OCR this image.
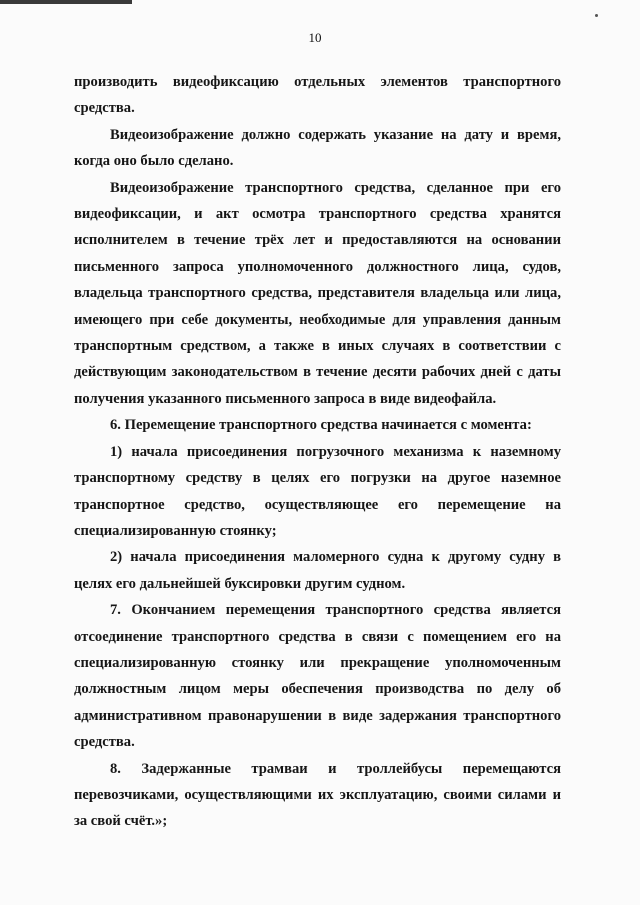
10

производить видеофиксацию отдельных элементов транспортного средства.

Видеоизображение должно содержать указание на дату и время, когда оно было сделано.

Видеоизображение транспортного средства, сделанное при его видеофиксации, и акт осмотра транспортного средства хранятся исполнителем в течение трёх лет и предоставляются на основании письменного запроса уполномоченного должностного лица, судов, владельца транспортного средства, представителя владельца или лица, имеющего при себе документы, необходимые для управления данным транспортным средством, а также в иных случаях в соответствии с действующим законодательством в течение десяти рабочих дней с даты получения указанного письменного запроса в виде видеофайла.

6. Перемещение транспортного средства начинается с момента:

1) начала присоединения погрузочного механизма к наземному транспортному средству в целях его погрузки на другое наземное транспортное средство, осуществляющее его перемещение на специализированную стоянку;

2) начала присоединения маломерного судна к другому судну в целях его дальнейшей буксировки другим судном.

7. Окончанием перемещения транспортного средства является отсоединение транспортного средства в связи с помещением его на специализированную стоянку или прекращение уполномоченным должностным лицом меры обеспечения производства по делу об административном правонарушении в виде задержания транспортного средства.

8. Задержанные трамваи и троллейбусы перемещаются перевозчиками, осуществляющими их эксплуатацию, своими силами и за свой счёт.»;
